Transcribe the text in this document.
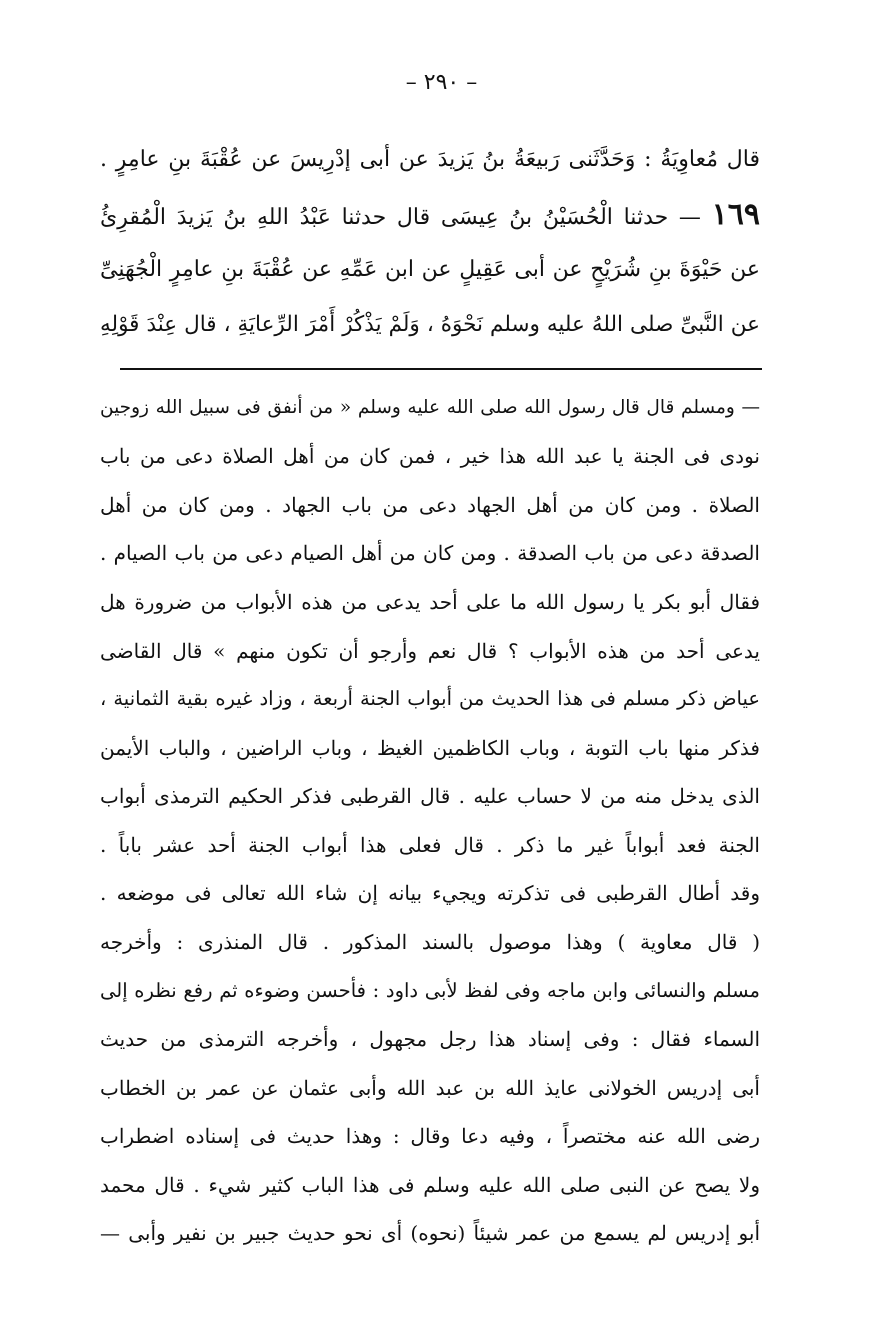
– ٢٩٠ –
قال مُعاوِيَةُ : وَحَدَّثَنى رَبيعَةُ بنُ يَزيدَ عن أبى إدْرِيسَ عن عُقْبَةَ بنِ عامِرٍ .
١٦٩ — حدثنا الْحُسَيْنُ بنُ عِيسَى قال حدثنا عَبْدُ اللهِ بنُ يَزيدَ الْمُقرِئُ
عن حَيْوَةَ بنِ شُرَيْحٍ عن أبى عَقِيلٍ عن ابن عَمِّهِ عن عُقْبَةَ بنِ عامِرٍ الْجُهَنِىِّ
عن النَّبىِّ صلى اللهُ عليه وسلم نَحْوَهُ ، وَلَمْ يَذْكُرْ أَمْرَ الرِّعايَةِ ، قال عِنْدَ قَوْلِهِ
— ومسلم قال قال رسول الله صلى الله عليه وسلم « من أنفق فى سبيل الله زوجين
نودى فى الجنة يا عبد الله هذا خير ، فمن كان من أهل الصلاة دعى من باب
الصلاة . ومن كان من أهل الجهاد دعى من باب الجهاد . ومن كان من أهل
الصدقة دعى من باب الصدقة . ومن كان من أهل الصيام دعى من باب الصيام .
فقال أبو بكر يا رسول الله ما على أحد يدعى من هذه الأبواب من ضرورة هل
يدعى أحد من هذه الأبواب ؟ قال نعم وأرجو أن تكون منهم » قال القاضى
عياض ذكر مسلم فى هذا الحديث من أبواب الجنة أربعة ، وزاد غيره بقية الثمانية ،
فذكر منها باب التوبة ، وباب الكاظمين الغيظ ، وباب الراضين ، والباب الأيمن
الذى يدخل منه من لا حساب عليه . قال القرطبى فذكر الحكيم الترمذى أبواب
الجنة فعد أبواباً غير ما ذكر . قال فعلى هذا أبواب الجنة أحد عشر باباً .
وقد أطال القرطبى فى تذكرته ويجيء بيانه إن شاء الله تعالى فى موضعه .
( قال معاوية ) وهذا موصول بالسند المذكور . قال المنذرى : وأخرجه
مسلم والنسائى وابن ماجه وفى لفظ لأبى داود : فأحسن وضوءه ثم رفع نظره إلى
السماء فقال : وفى إسناد هذا رجل مجهول ، وأخرجه الترمذى من حديث
أبى إدريس الخولانى عايذ الله بن عبد الله وأبى عثمان عن عمر بن الخطاب
رضى الله عنه مختصراً ، وفيه دعا وقال : وهذا حديث فى إسناده اضطراب
ولا يصح عن النبى صلى الله عليه وسلم فى هذا الباب كثير شيء . قال محمد
أبو إدريس لم يسمع من عمر شيئاً (نحوه) أى نحو حديث جبير بن نفير وأبى —
